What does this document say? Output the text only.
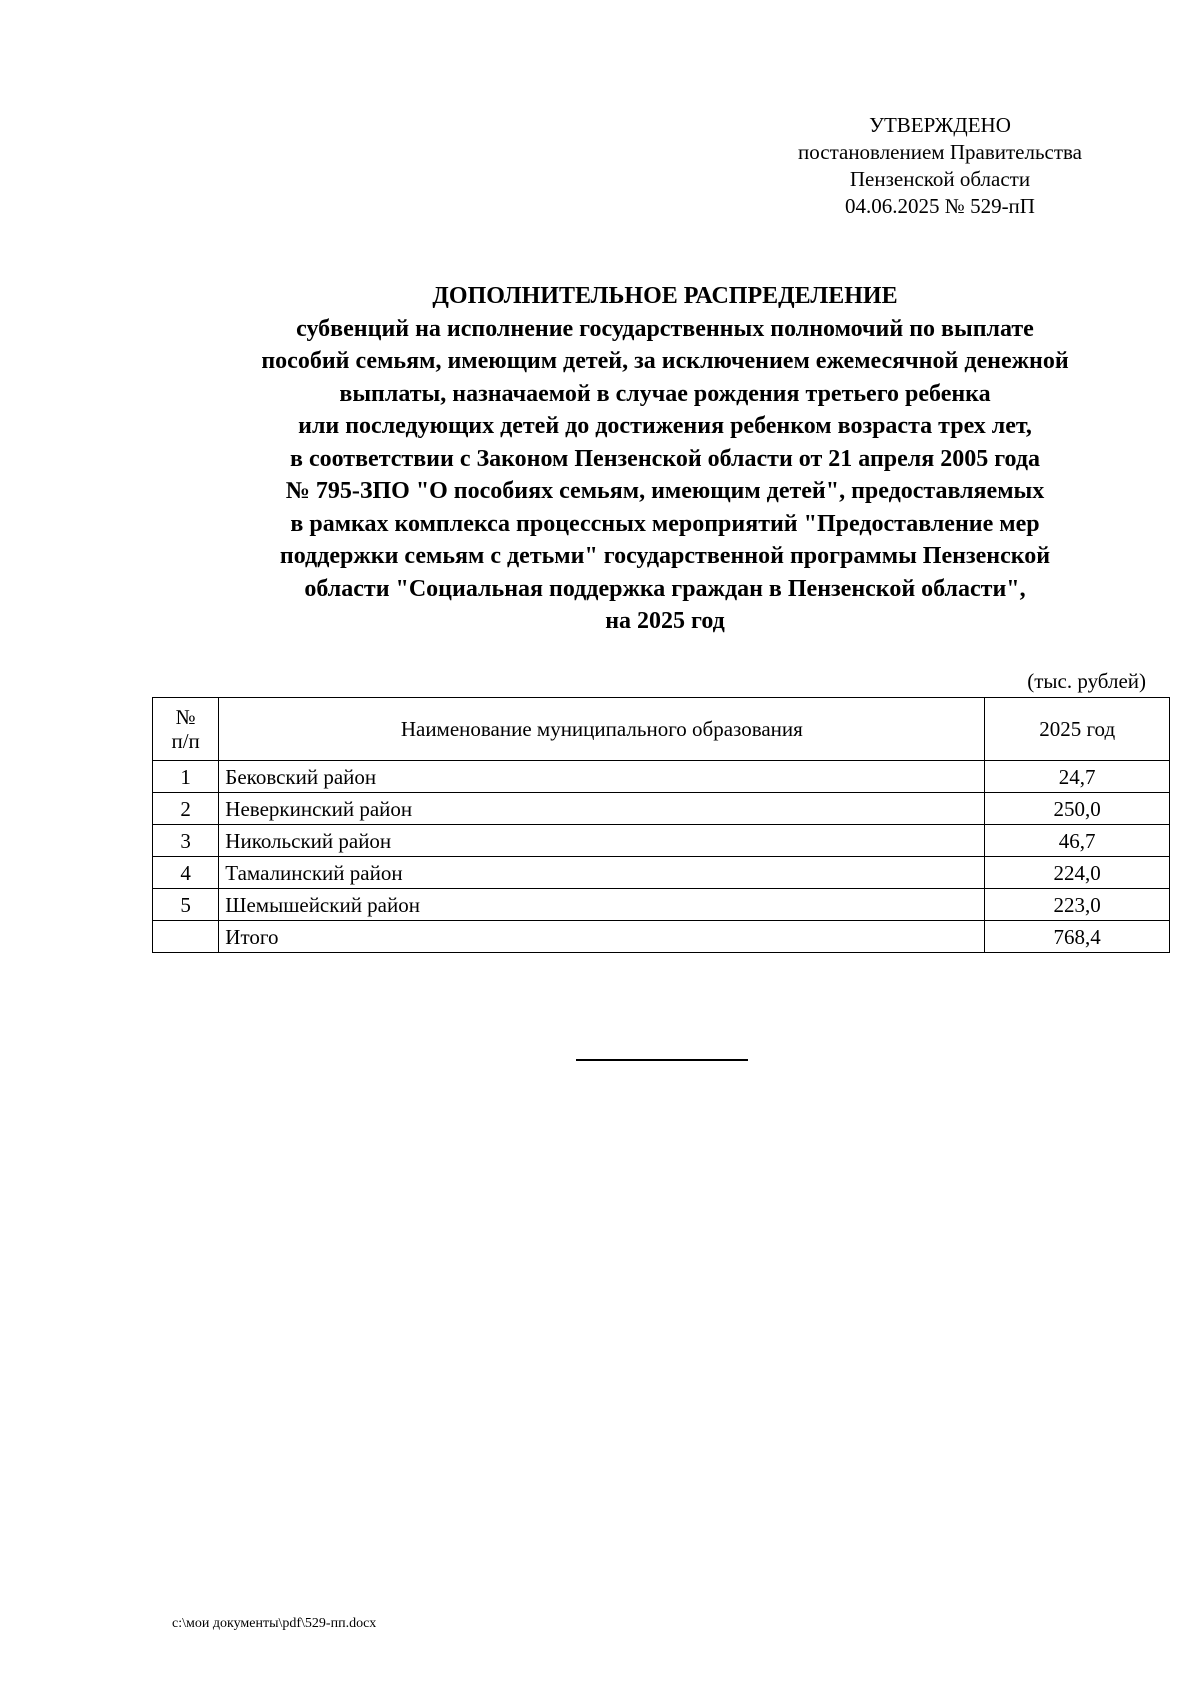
УТВЕРЖДЕНО
постановлением Правительства
Пензенской области
04.06.2025 № 529-пП
ДОПОЛНИТЕЛЬНОЕ РАСПРЕДЕЛЕНИЕ
субвенций на исполнение государственных полномочий по выплате
пособий семьям, имеющим детей, за исключением ежемесячной денежной
выплаты, назначаемой в случае рождения третьего ребенка
или последующих детей до достижения ребенком возраста трех лет,
в соответствии с Законом Пензенской области от 21 апреля 2005 года
№ 795-ЗПО "О пособиях семьям, имеющим детей", предоставляемых
в рамках комплекса процессных мероприятий "Предоставление мер
поддержки семьям с детьми" государственной программы Пензенской
области "Социальная поддержка граждан в Пензенской области",
на 2025 год
(тыс. рублей)
№
п/п	Наименование муниципального образования	2025 год
1	Бековский район	24,7
2	Неверкинский район	250,0
3	Никольский район	46,7
4	Тамалинский район	224,0
5	Шемышейский район	223,0
	Итого	768,4
c:\мои документы\pdf\529-пп.docx
